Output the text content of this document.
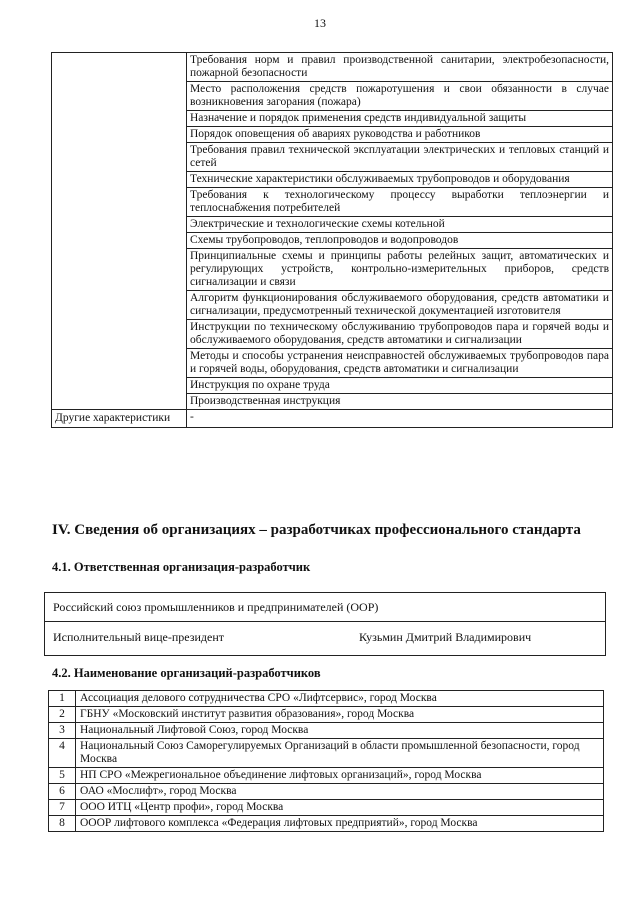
13
	Требования норм и правил производственной санитарии, электробезопасности, пожарной безопасности
	Место расположения средств пожаротушения и свои обязанности в случае возникновения загорания (пожара)
	Назначение и порядок применения средств индивидуальной защиты
	Порядок оповещения об авариях руководства и работников
	Требования правил технической эксплуатации электрических и тепловых станций и сетей
	Технические характеристики обслуживаемых трубопроводов и оборудования
	Требования к технологическому процессу выработки теплоэнергии и теплоснабжения потребителей
	Электрические и технологические схемы котельной
	Схемы трубопроводов, теплопроводов и водопроводов
	Принципиальные схемы и принципы работы релейных защит, автоматических и регулирующих устройств, контрольно-измерительных приборов, средств сигнализации и связи
	Алгоритм функционирования обслуживаемого оборудования, средств автоматики и сигнализации, предусмотренный технической документацией изготовителя
	Инструкции по техническому обслуживанию трубопроводов пара и горячей воды и обслуживаемого оборудования, средств автоматики и сигнализации
	Методы и способы устранения неисправностей обслуживаемых трубопроводов пара и горячей воды, оборудования, средств автоматики и сигнализации
	Инструкция по охране труда
	Производственная инструкция
Другие характеристики	-
IV. Сведения об организациях – разработчиках профессионального стандарта
4.1. Ответственная организация-разработчик
Российский союз промышленников и предпринимателей (ООР)
Исполнительный вице-президент	Кузьмин Дмитрий Владимирович
4.2. Наименование организаций-разработчиков
1	Ассоциация делового сотрудничества СРО «Лифтсервис», город Москва
2	ГБНУ «Московский институт развития образования», город Москва
3	Национальный Лифтовой Союз, город Москва
4	Национальный Союз Саморегулируемых Организаций в области промышленной безопасности, город Москва
5	НП СРО «Межрегиональное объединение лифтовых организаций», город Москва
6	ОАО «Мослифт», город Москва
7	ООО ИТЦ «Центр профи», город Москва
8	ОООР лифтового комплекса «Федерация лифтовых предприятий», город Москва
